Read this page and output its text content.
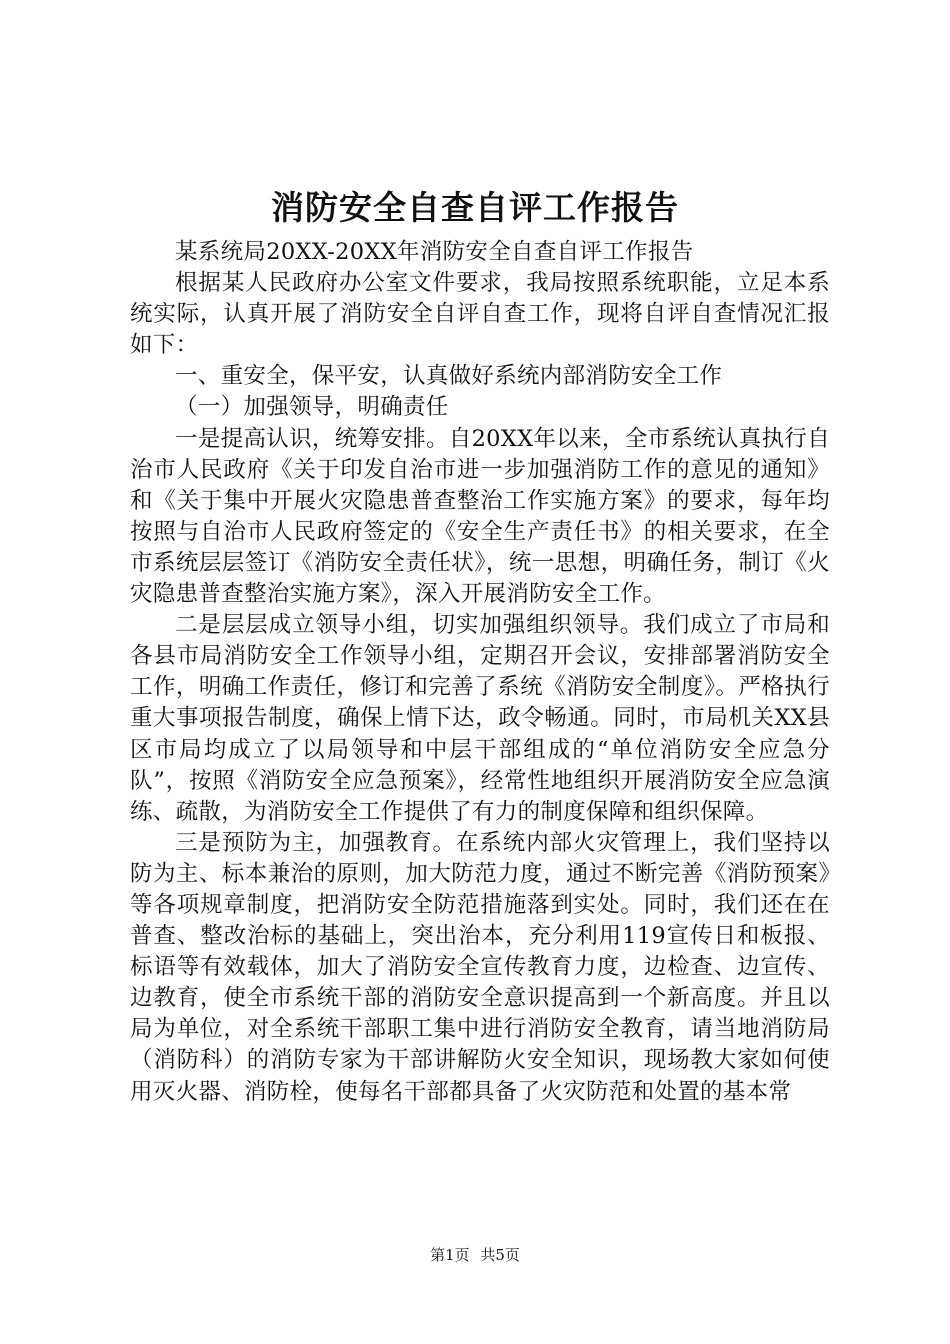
消防安全自查自评工作报告

某系统局20XX-20XX年消防安全自查自评工作报告

根据某人民政府办公室文件要求，我局按照系统职能，立足本系统实际，认真开展了消防安全自评自查工作，现将自评自查情况汇报如下：

一、重安全，保平安，认真做好系统内部消防安全工作

（一）加强领导，明确责任

一是提高认识，统筹安排。自20XX年以来，全市系统认真执行自治市人民政府《关于印发自治市进一步加强消防工作的意见的通知》和《关于集中开展火灾隐患普查整治工作实施方案》的要求，每年均按照与自治市人民政府签定的《安全生产责任书》的相关要求，在全市系统层层签订《消防安全责任状》，统一思想，明确任务，制订《火灾隐患普查整治实施方案》，深入开展消防安全工作。

二是层层成立领导小组，切实加强组织领导。我们成立了市局和各县市局消防安全工作领导小组，定期召开会议，安排部署消防安全工作，明确工作责任，修订和完善了系统《消防安全制度》。严格执行重大事项报告制度，确保上情下达，政令畅通。同时，市局机关XX县区市局均成立了以局领导和中层干部组成的“单位消防安全应急分队”，按照《消防安全应急预案》，经常性地组织开展消防安全应急演练、疏散，为消防安全工作提供了有力的制度保障和组织保障。

三是预防为主，加强教育。在系统内部火灾管理上，我们坚持以防为主、标本兼治的原则，加大防范力度，通过不断完善《消防预案》等各项规章制度，把消防安全防范措施落到实处。同时，我们还在在普查、整改治标的基础上，突出治本，充分利用119宣传日和板报、标语等有效载体，加大了消防安全宣传教育力度，边检查、边宣传、边教育，使全市系统干部的消防安全意识提高到一个新高度。并且以局为单位，对全系统干部职工集中进行消防安全教育，请当地消防局（消防科）的消防专家为干部讲解防火安全知识，现场教大家如何使用灭火器、消防栓，使每名干部都具备了火灾防范和处置的基本常

第1页 共5页
